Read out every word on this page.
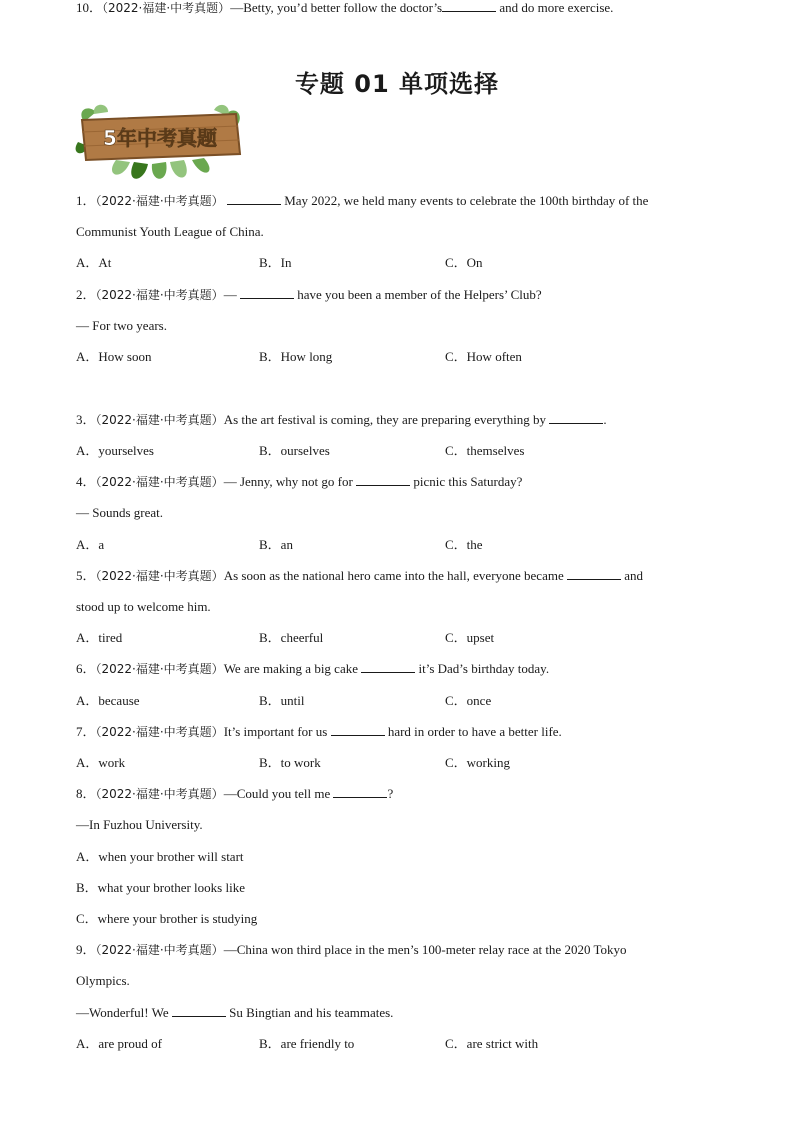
专题 01 单项选择
5年中考真题
1．（2022·福建·中考真题）	May 2022, we held many events to celebrate the 100th birthday of the
Communist Youth League of China.
A．At	B．In	C．On
2．（2022·福建·中考真题）—	have you been a member of the Helpers’ Club?
— For two years.
A．How soon	B．How long	C．How often
3．（2022·福建·中考真题）As the art festival is coming, they are preparing everything by	.
A．yourselves	B．ourselves	C．themselves
4．（2022·福建·中考真题）— Jenny, why not go for	picnic this Saturday?
— Sounds great.
A．a	B．an	C．the
5．（2022·福建·中考真题）As soon as the national hero came into the hall, everyone became	and
stood up to welcome him.
A．tired	B．cheerful	C．upset
6．（2022·福建·中考真题）We are making a big cake	it’s Dad’s birthday today.
A．because	B．until	C．once
7．（2022·福建·中考真题）It’s important for us	hard in order to have a better life.
A．work	B．to work	C．working
8．（2022·福建·中考真题）—Could you tell me	?
—In Fuzhou University.
A．when your brother will start
B．what your brother looks like
C．where your brother is studying
9．（2022·福建·中考真题）—China won third place in the men’s 100-meter relay race at the 2020 Tokyo
Olympics.
—Wonderful! We	Su Bingtian and his teammates.
A．are proud of	B．are friendly to	C．are strict with
10．（2022·福建·中考真题）—Betty, you’d better follow the doctor’s	and do more exercise.
